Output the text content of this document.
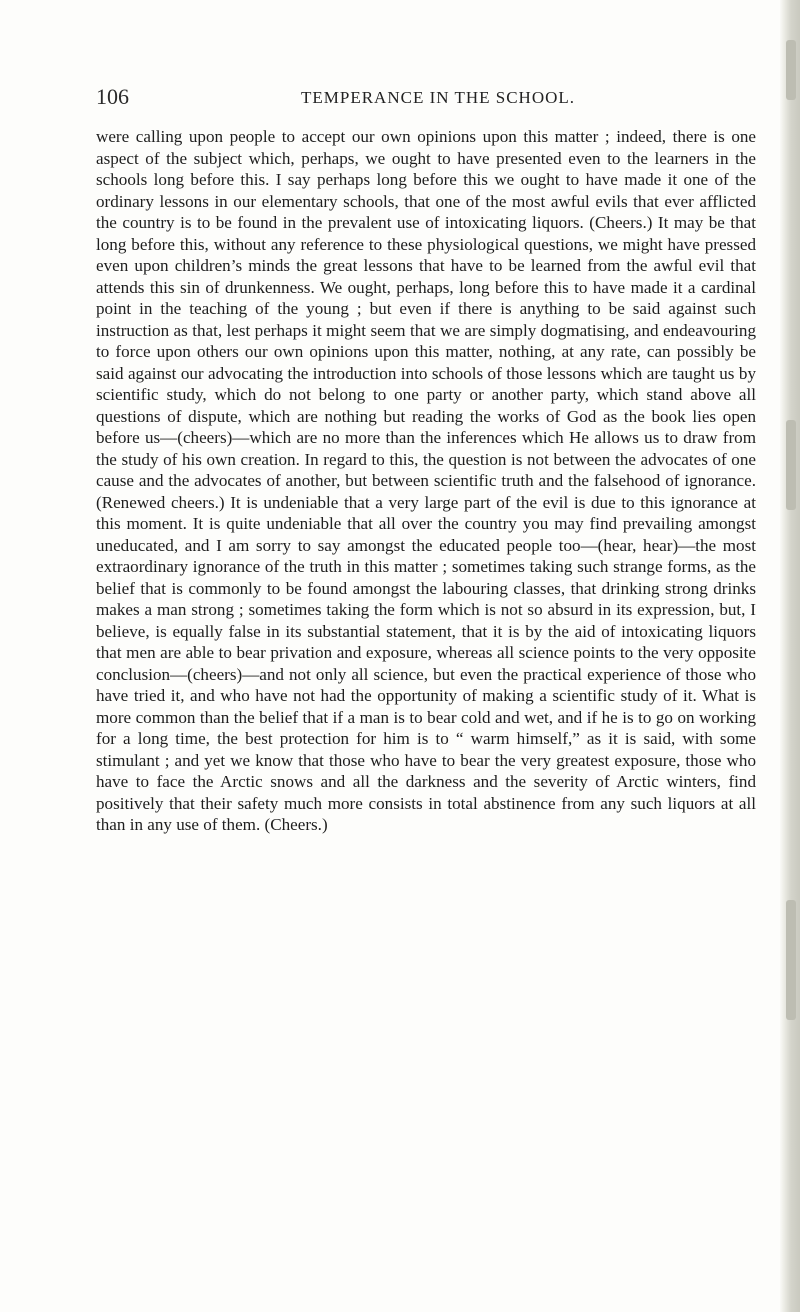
106	TEMPERANCE IN THE SCHOOL.

were calling upon people to accept our own opinions upon this matter ; indeed, there is one aspect of the subject which, perhaps, we ought to have presented even to the learners in the schools long before this. I say perhaps long before this we ought to have made it one of the ordinary lessons in our elementary schools, that one of the most awful evils that ever afflicted the country is to be found in the prevalent use of intoxicating liquors. (Cheers.) It may be that long before this, without any reference to these physiological questions, we might have pressed even upon children’s minds the great lessons that have to be learned from the awful evil that attends this sin of drunkenness. We ought, perhaps, long before this to have made it a cardinal point in the teaching of the young ; but even if there is anything to be said against such instruction as that, lest perhaps it might seem that we are simply dogmatising, and endeavouring to force upon others our own opinions upon this matter, nothing, at any rate, can possibly be said against our advocating the introduction into schools of those lessons which are taught us by scientific study, which do not belong to one party or another party, which stand above all questions of dispute, which are nothing but reading the works of God as the book lies open before us—(cheers)—which are no more than the inferences which He allows us to draw from the study of his own creation. In regard to this, the question is not between the advocates of one cause and the advocates of another, but between scientific truth and the falsehood of ignorance. (Renewed cheers.) It is undeniable that a very large part of the evil is due to this ignorance at this moment. It is quite undeniable that all over the country you may find prevailing amongst uneducated, and I am sorry to say amongst the educated people too—(hear, hear)—the most extraordinary ignorance of the truth in this matter ; sometimes taking such strange forms, as the belief that is commonly to be found amongst the labouring classes, that drinking strong drinks makes a man strong ; sometimes taking the form which is not so absurd in its expression, but, I believe, is equally false in its substantial statement, that it is by the aid of intoxicating liquors that men are able to bear privation and exposure, whereas all science points to the very opposite conclusion—(cheers)—and not only all science, but even the practical experience of those who have tried it, and who have not had the opportunity of making a scientific study of it. What is more common than the belief that if a man is to bear cold and wet, and if he is to go on working for a long time, the best protection for him is to “ warm himself,” as it is said, with some stimulant ; and yet we know that those who have to bear the very greatest exposure, those who have to face the Arctic snows and all the darkness and the severity of Arctic winters, find positively that their safety much more consists in total abstinence from any such liquors at all than in any use of them. (Cheers.)
